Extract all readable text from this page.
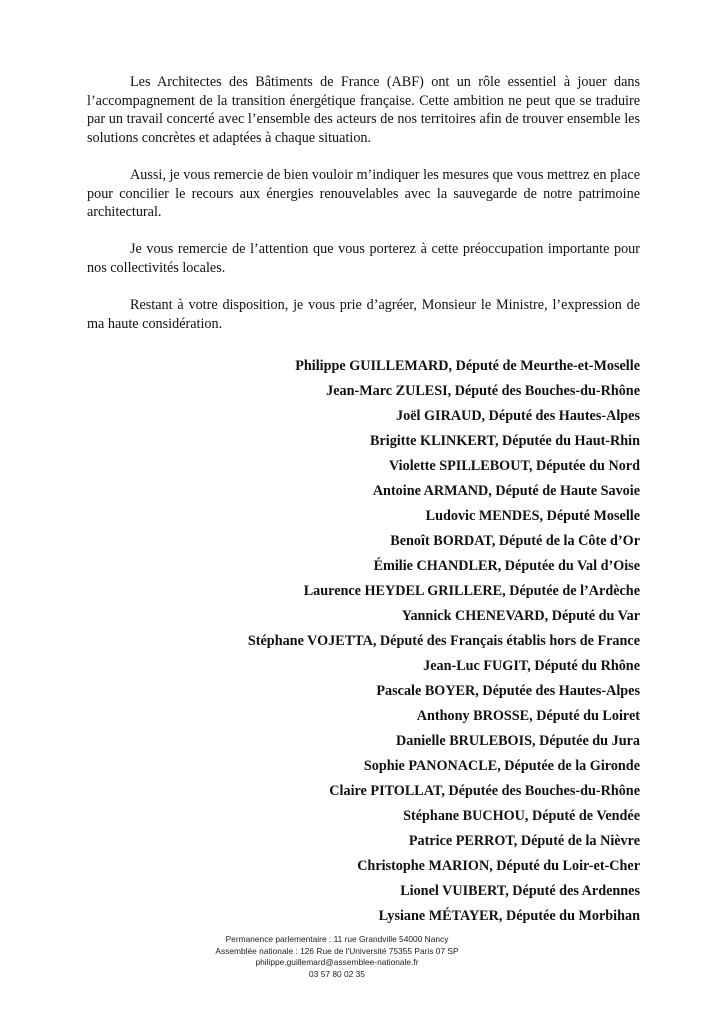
Les Architectes des Bâtiments de France (ABF) ont un rôle essentiel à jouer dans l’accompagnement de la transition énergétique française. Cette ambition ne peut que se traduire par un travail concerté avec l’ensemble des acteurs de nos territoires afin de trouver ensemble les solutions concrètes et adaptées à chaque situation.

Aussi, je vous remercie de bien vouloir m’indiquer les mesures que vous mettrez en place pour concilier le recours aux énergies renouvelables avec la sauvegarde de notre patrimoine architectural.

Je vous remercie de l’attention que vous porterez à cette préoccupation importante pour nos collectivités locales.

Restant à votre disposition, je vous prie d’agréer, Monsieur le Ministre, l’expression de ma haute considération.

Philippe GUILLEMARD, Député de Meurthe-et-Moselle
Jean-Marc ZULESI, Député des Bouches-du-Rhône
Joël GIRAUD, Député des Hautes-Alpes
Brigitte KLINKERT, Députée du Haut-Rhin
Violette SPILLEBOUT, Députée du Nord
Antoine ARMAND, Député de Haute Savoie
Ludovic MENDES, Député Moselle
Benoît BORDAT, Député de la Côte d’Or
Émilie CHANDLER, Députée du Val d’Oise
Laurence HEYDEL GRILLERE, Députée de l’Ardèche
Yannick CHENEVARD, Député du Var
Stéphane VOJETTA, Député des Français établis hors de France
Jean-Luc FUGIT, Député du Rhône
Pascale BOYER, Députée des Hautes-Alpes
Anthony BROSSE, Député du Loiret
Danielle BRULEBOIS, Députée du Jura
Sophie PANONACLE, Députée de la Gironde
Claire PITOLLAT, Députée des Bouches-du-Rhône
Stéphane BUCHOU, Député de Vendée
Patrice PERROT, Député de la Nièvre
Christophe MARION, Député du Loir-et-Cher
Lionel VUIBERT, Député des Ardennes
Lysiane MÉTAYER, Députée du Morbihan
Permanence parlementaire : 11 rue Grandville 54000 Nancy
Assemblée nationale : 126 Rue de l'Université 75355 Paris 07 SP
philippe.guillemard@assemblee-nationale.fr
03 57 80 02 35
